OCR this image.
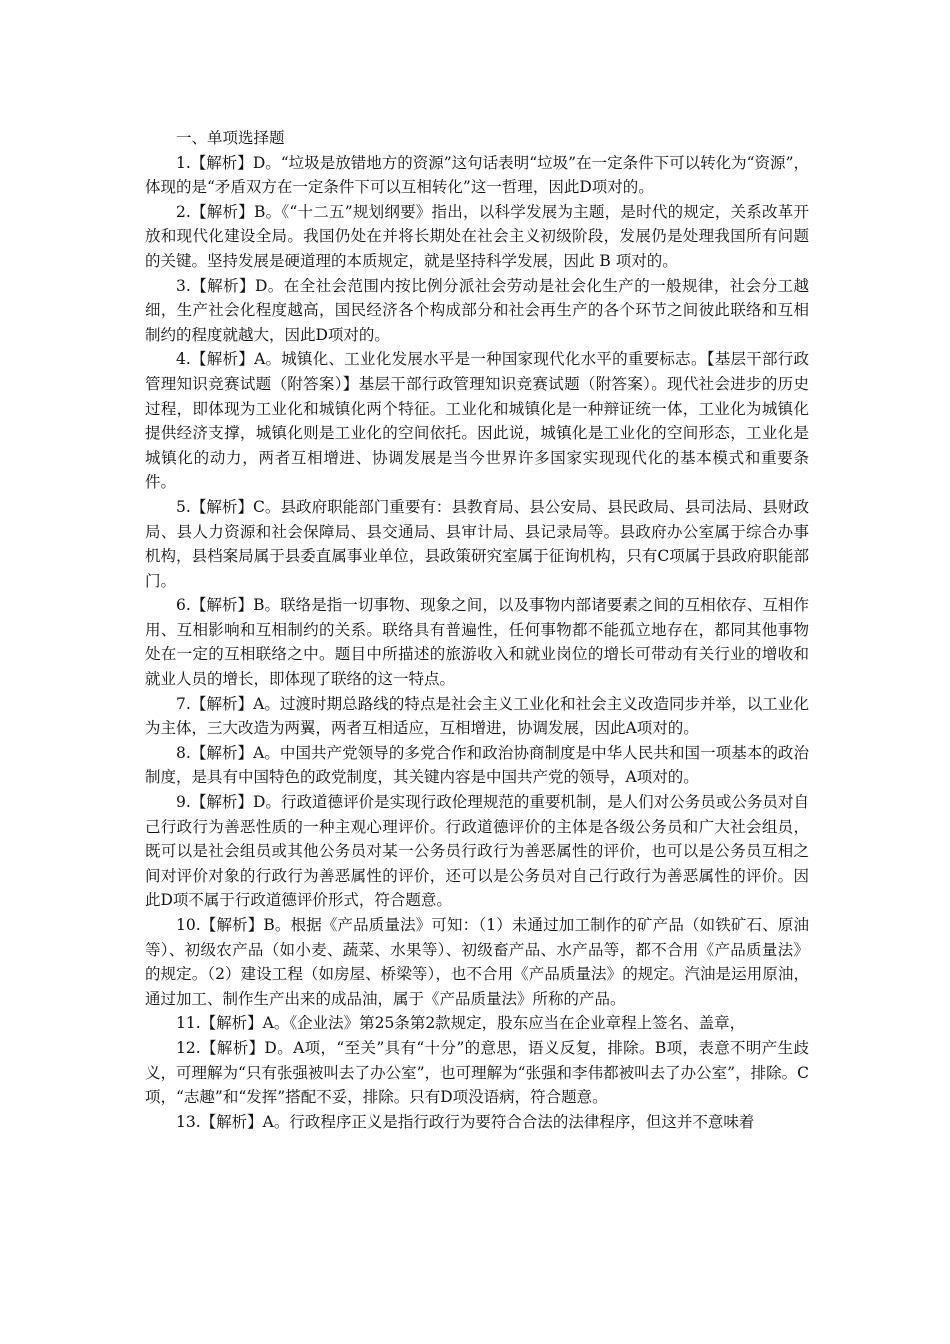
一、单项选择题

1.【解析】D。“垃圾是放错地方的资源”这句话表明“垃圾”在一定条件下可以转化为“资源”，体现的是“矛盾双方在一定条件下可以互相转化”这一哲理，因此D项对的。

2.【解析】B。《“十二五”规划纲要》指出，以科学发展为主题，是时代的规定，关系改革开放和现代化建设全局。我国仍处在并将长期处在社会主义初级阶段，发展仍是处理我国所有问题的关键。坚持发展是硬道理的本质规定，就是坚持科学发展，因此 B 项对的。

3.【解析】D。在全社会范围内按比例分派社会劳动是社会化生产的一般规律，社会分工越细，生产社会化程度越高，国民经济各个构成部分和社会再生产的各个环节之间彼此联络和互相制约的程度就越大，因此D项对的。

4.【解析】A。城镇化、工业化发展水平是一种国家现代化水平的重要标志。【基层干部行政管理知识竞赛试题（附答案）】基层干部行政管理知识竞赛试题（附答案）。现代社会进步的历史过程，即体现为工业化和城镇化两个特征。工业化和城镇化是一种辩证统一体，工业化为城镇化提供经济支撑，城镇化则是工业化的空间依托。因此说，城镇化是工业化的空间形态，工业化是城镇化的动力，两者互相增进、协调发展是当今世界许多国家实现现代化的基本模式和重要条件。

5.【解析】C。县政府职能部门重要有：县教育局、县公安局、县民政局、县司法局、县财政局、县人力资源和社会保障局、县交通局、县审计局、县记录局等。县政府办公室属于综合办事机构，县档案局属于县委直属事业单位，县政策研究室属于征询机构，只有C项属于县政府职能部门。

6.【解析】B。联络是指一切事物、现象之间，以及事物内部诸要素之间的互相依存、互相作用、互相影响和互相制约的关系。联络具有普遍性，任何事物都不能孤立地存在，都同其他事物处在一定的互相联络之中。题目中所描述的旅游收入和就业岗位的增长可带动有关行业的增收和就业人员的增长，即体现了联络的这一特点。

7.【解析】A。过渡时期总路线的特点是社会主义工业化和社会主义改造同步并举，以工业化为主体，三大改造为两翼，两者互相适应，互相增进，协调发展，因此A项对的。

8.【解析】A。中国共产党领导的多党合作和政治协商制度是中华人民共和国一项基本的政治制度，是具有中国特色的政党制度，其关键内容是中国共产党的领导，A项对的。

9.【解析】D。行政道德评价是实现行政伦理规范的重要机制，是人们对公务员或公务员对自己行政行为善恶性质的一种主观心理评价。行政道德评价的主体是各级公务员和广大社会组员，既可以是社会组员或其他公务员对某一公务员行政行为善恶属性的评价，也可以是公务员互相之间对评价对象的行政行为善恶属性的评价，还可以是公务员对自己行政行为善恶属性的评价。因此D项不属于行政道德评价形式，符合题意。

10.【解析】B。根据《产品质量法》可知：（1）未通过加工制作的矿产品（如铁矿石、原油等）、初级农产品（如小麦、蔬菜、水果等）、初级畜产品、水产品等，都不合用《产品质量法》的规定。（2）建设工程（如房屋、桥梁等），也不合用《产品质量法》的规定。汽油是运用原油，通过加工、制作生产出来的成品油，属于《产品质量法》所称的产品。

11.【解析】A。《企业法》第25条第2款规定，股东应当在企业章程上签名、盖章，

12.【解析】D。A项，“至关”具有“十分”的意思，语义反复，排除。B项，表意不明产生歧义，可理解为“只有张强被叫去了办公室”，也可理解为“张强和李伟都被叫去了办公室”，排除。C项，“志趣”和“发挥”搭配不妥，排除。只有D项没语病，符合题意。

13.【解析】A。行政程序正义是指行政行为要符合合法的法律程序，但这并不意味着
